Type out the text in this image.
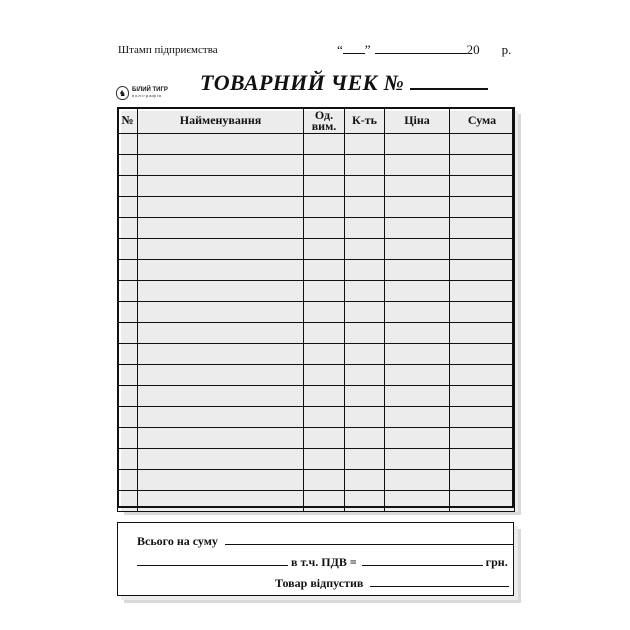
Штамп підприємства	“ ”	20 р.
ТОВАРНИЙ ЧЕК №
♞ БІЛИЙ ТИГР
поліграфія
№	Найменування	Од. вим.	К-ть	Ціна	Сума

Всього на суму
в т.ч. ПДВ =	грн.
Товар відпустив
